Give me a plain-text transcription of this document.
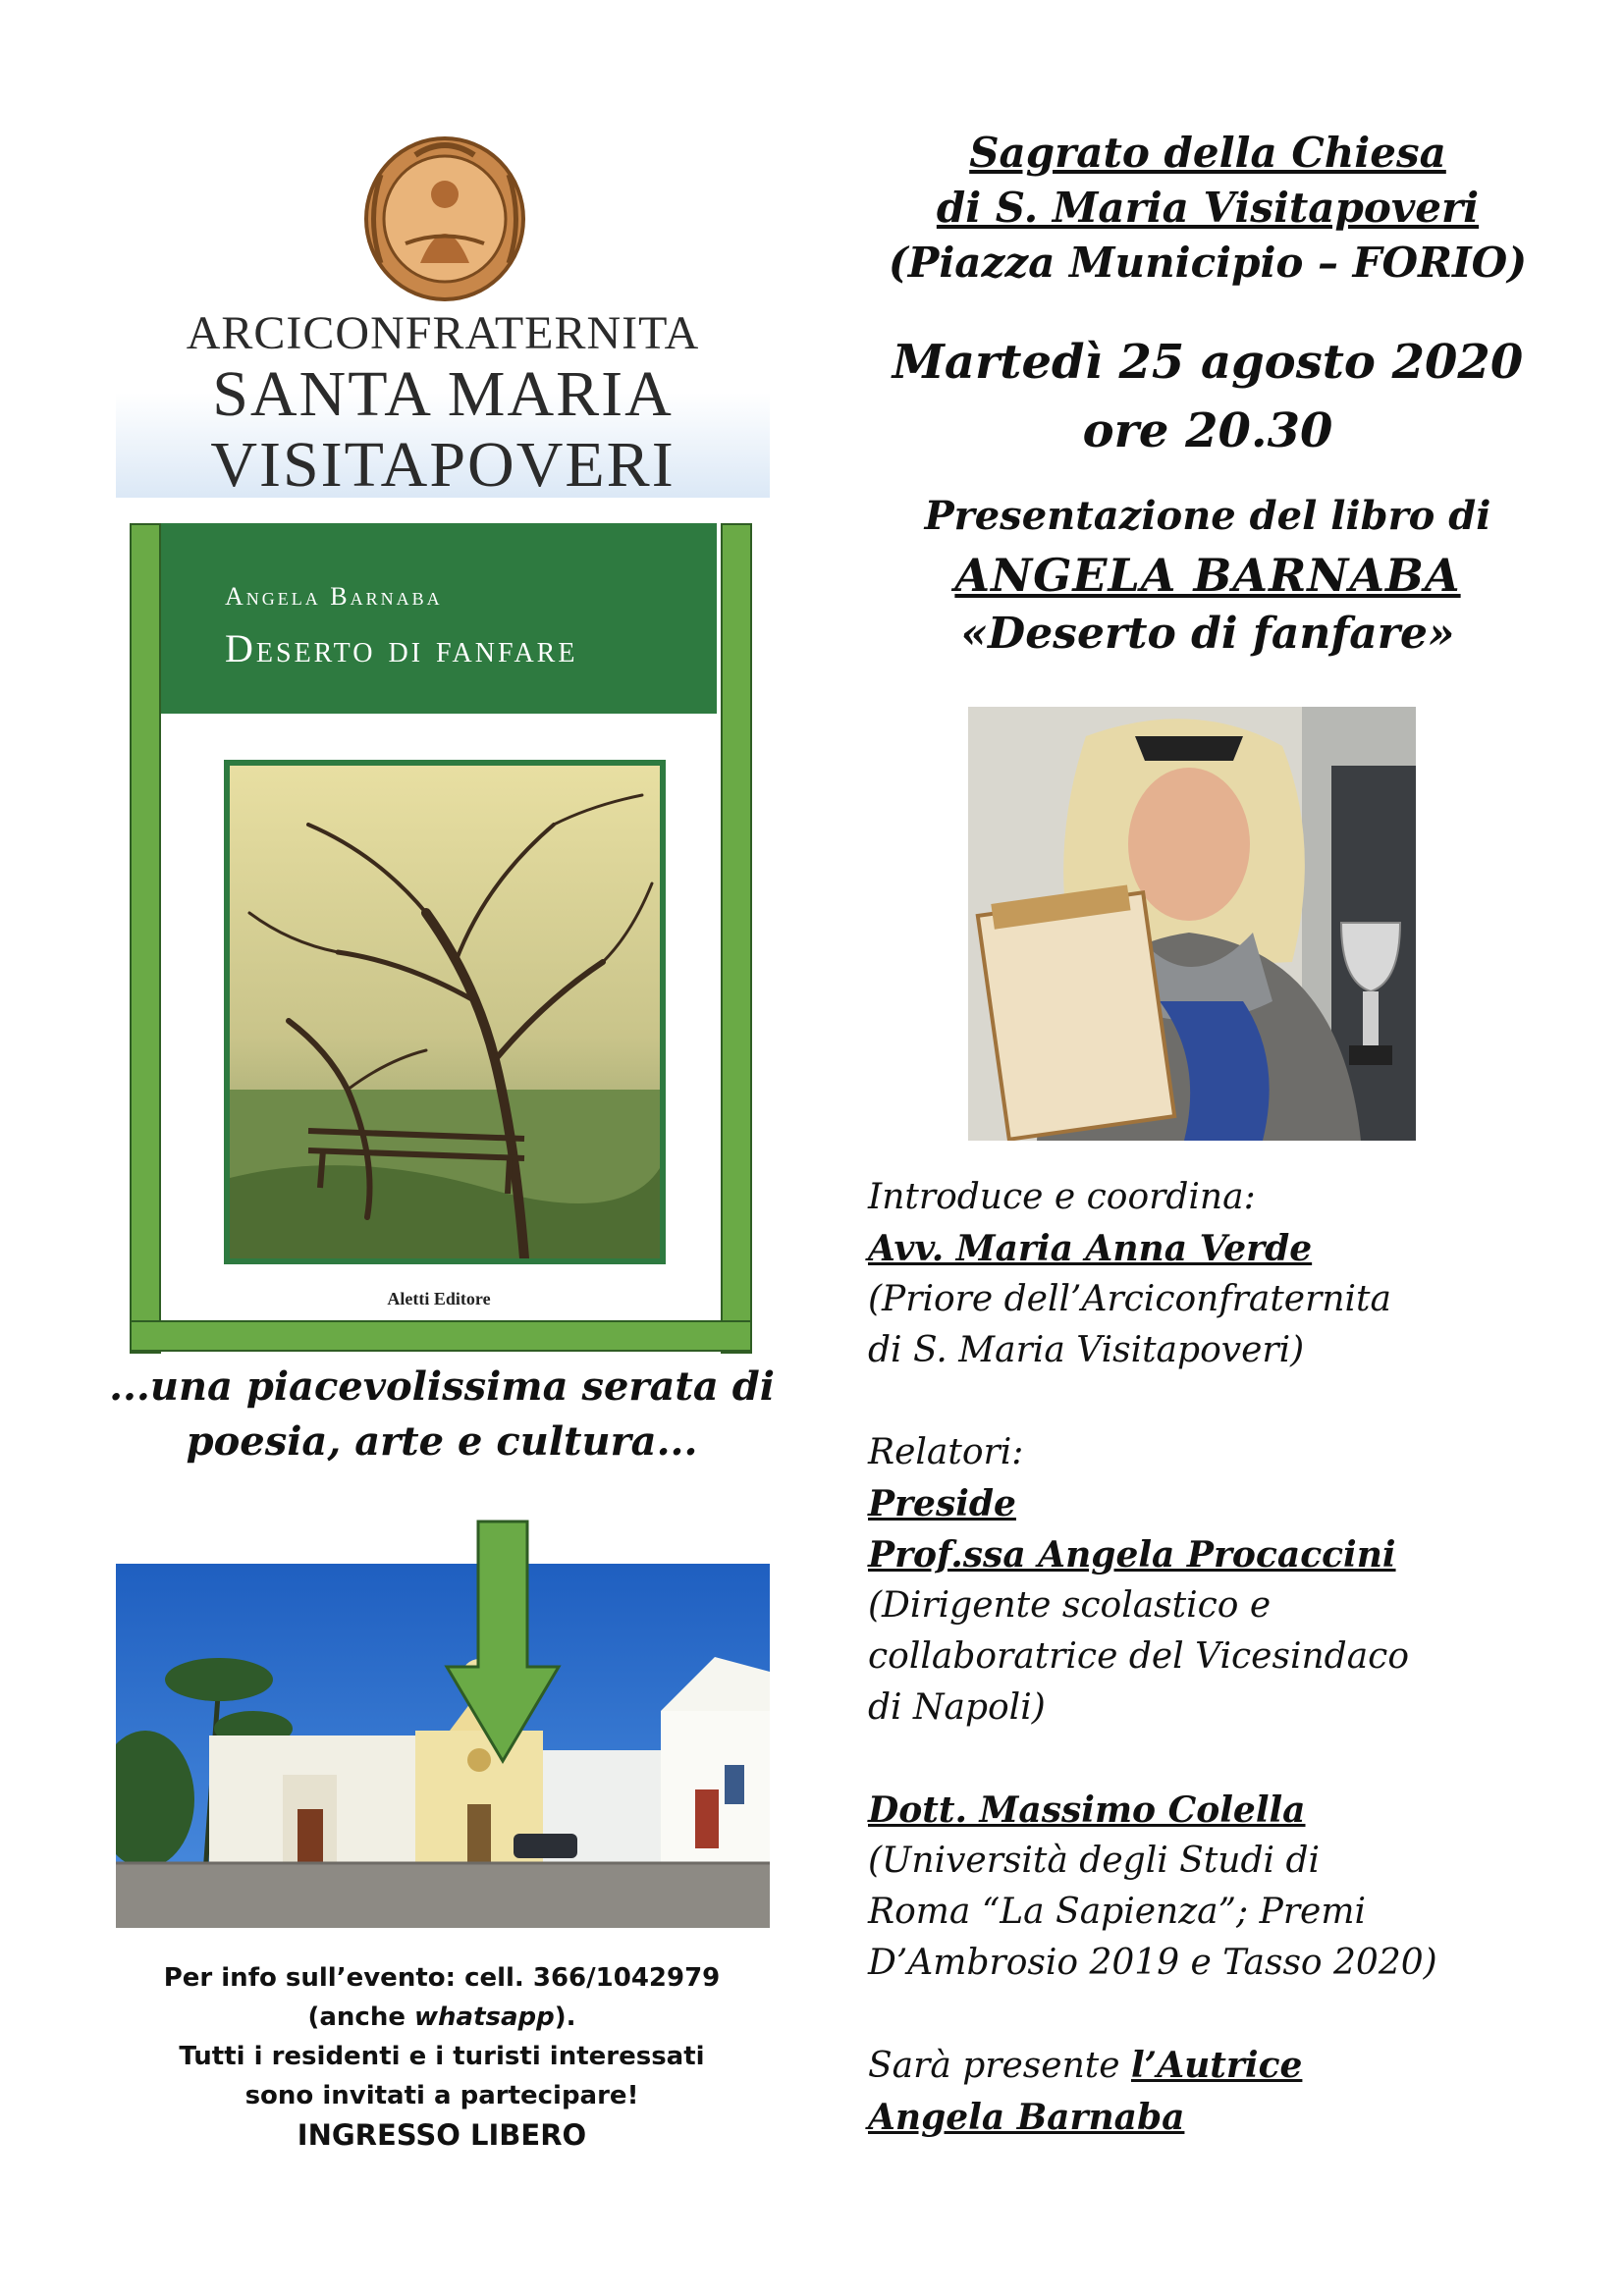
ARCICONFRATERNITA
SANTA MARIA
VISITAPOVERI
Angela Barnaba
Deserto di fanfare
Aletti Editore
...una piacevolissima serata di
poesia, arte e cultura...
Per info sull’evento: cell. 366/1042979
(anche whatsapp).
Tutti i residenti e i turisti interessati
sono invitati a partecipare!
INGRESSO LIBERO
Sagrato della Chiesa
di S. Maria Visitapoveri
(Piazza Municipio – FORIO)
Martedì 25 agosto 2020
ore 20.30
Presentazione del libro di
ANGELA BARNABA
«Deserto di fanfare»
Introduce e coordina:
Avv. Maria Anna Verde
(Priore dell’Arciconfraternita
di S. Maria Visitapoveri)
Relatori:
Preside
Prof.ssa Angela Procaccini
(Dirigente scolastico e
collaboratrice del Vicesindaco
di Napoli)
Dott. Massimo Colella
(Università degli Studi di
Roma “La Sapienza”; Premi
D’Ambrosio 2019 e Tasso 2020)
Sarà presente l’Autrice
Angela Barnaba
